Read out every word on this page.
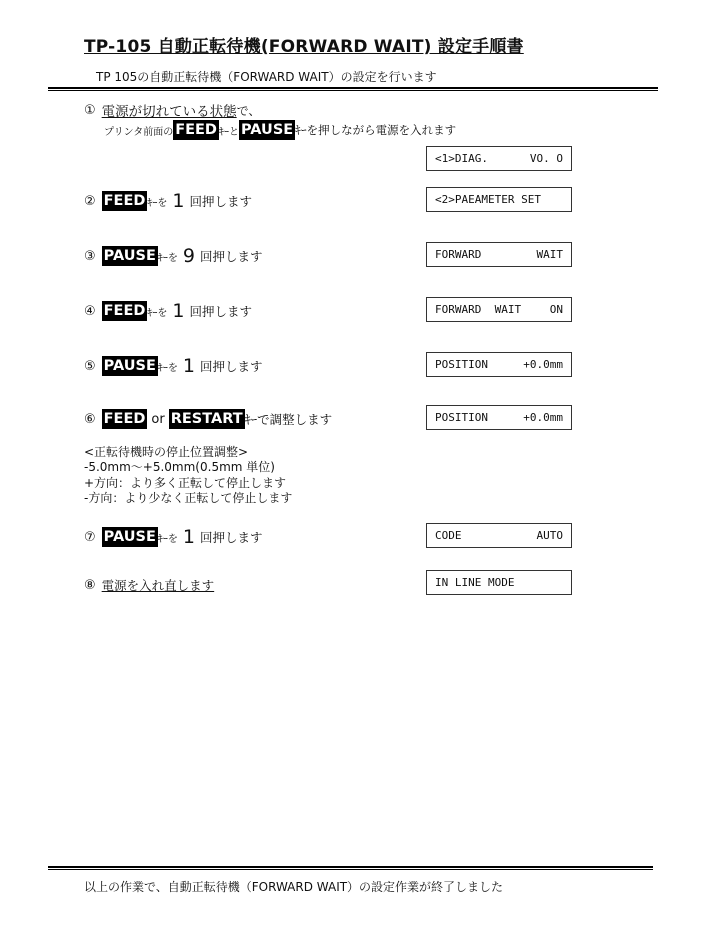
TP-105 自動正転待機(FORWARD WAIT) 設定手順書
TP 105の自動正転待機（FORWARD WAIT）の設定を行います
① 電源が切れている状態 で、
プリンタ前面の FEED ｷｰと PAUSE ｷｰを押しながら電源を入れます
② FEED ｷｰを 1 回押します
③ PAUSE ｷｰを 9 回押します
④ FEED ｷｰを 1 回押します
⑤ PAUSE ｷｰを 1 回押します
⑥ FEED or RESTART ｷｰで調整します
<正転待機時の停止位置調整>
-5.0mm～+5.0mm(0.5mm 単位)
+方向：より多く正転して停止します
-方向：より少なく正転して停止します
⑦ PAUSE ｷｰを 1 回押します
⑧ 電源を入れ直します
<1>DIAG.	VO. O
<2>PAEAMETER SET
FORWARD	WAIT
FORWARD  WAIT	ON
POSITION	+0.0mm
POSITION	+0.0mm
CODE	AUTO
IN LINE MODE
以上の作業で、自動正転待機（FORWARD WAIT）の設定作業が終了しました
